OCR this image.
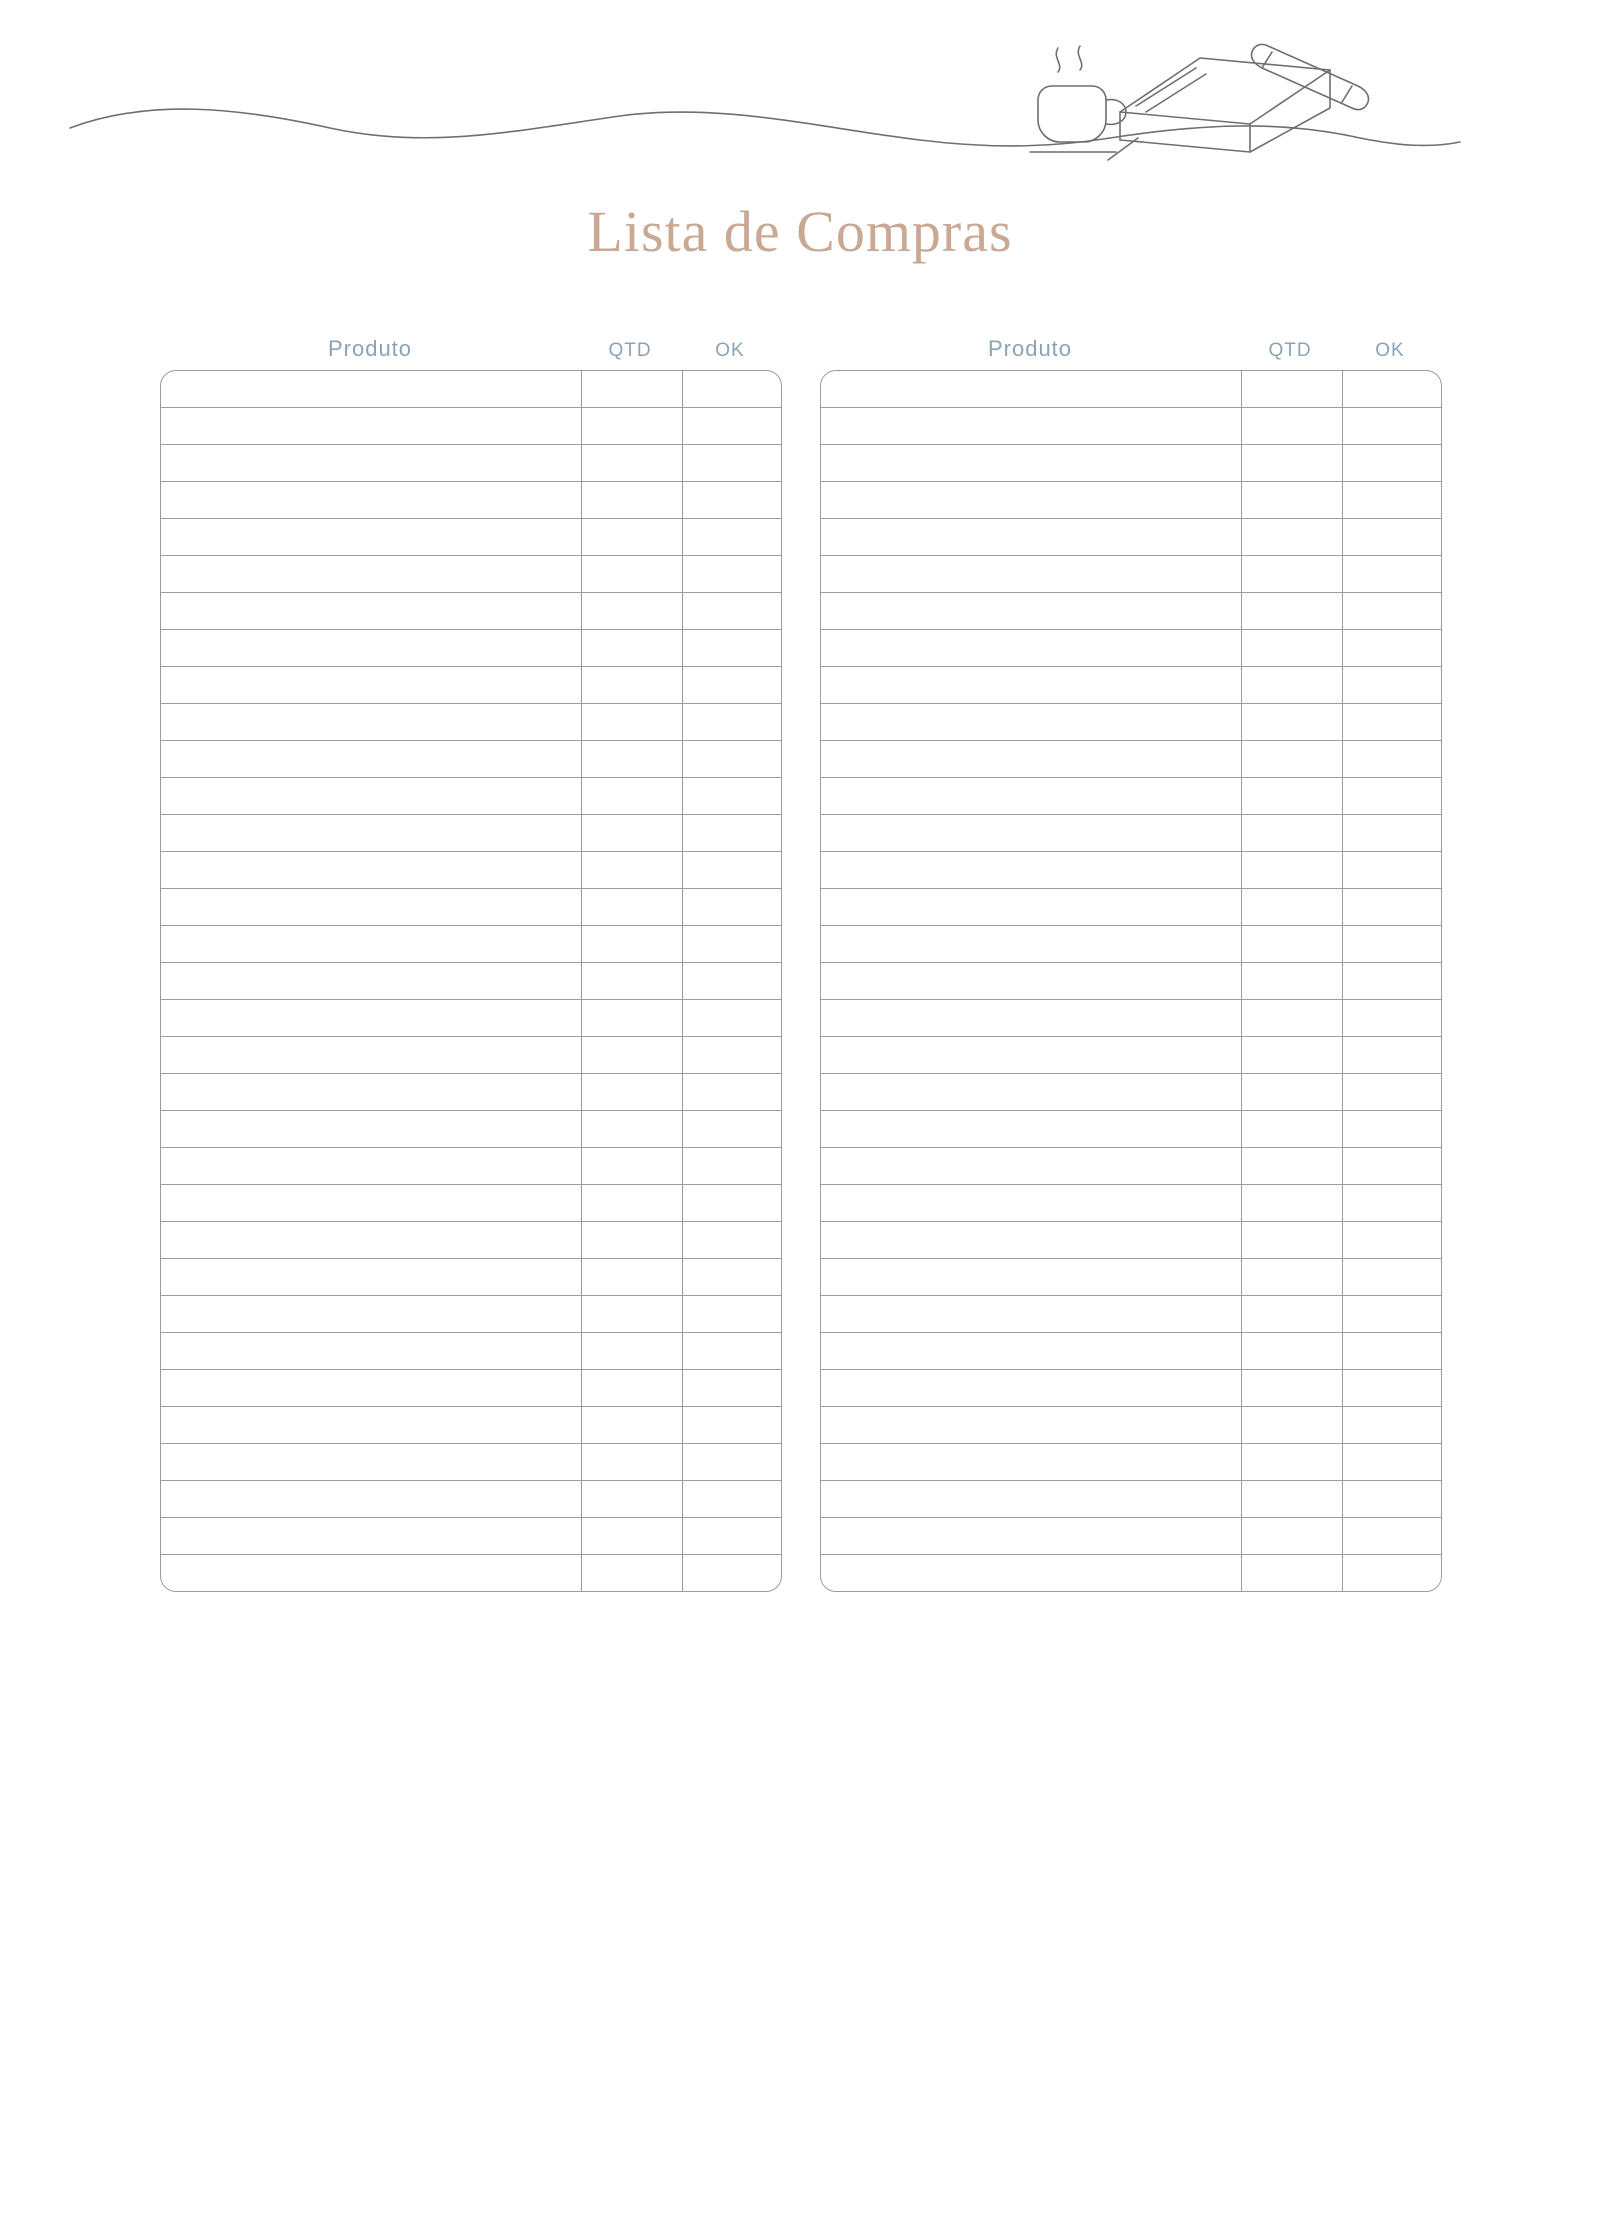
Lista de Compras
Produto	QTD	OK

			Produto	QTD	OK
